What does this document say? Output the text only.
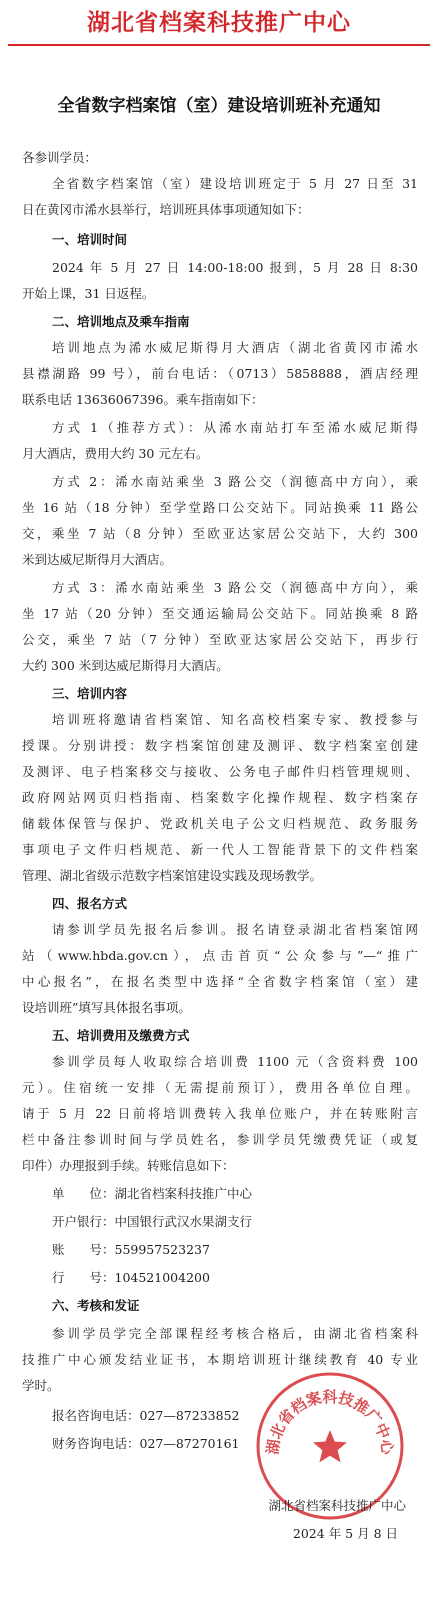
湖北省档案科技推广中心
全省数字档案馆（室）建设培训班补充通知
各参训学员：
全省数字档案馆（室）建设培训班定于 5 月 27 日至 31
日在黄冈市浠水县举行，培训班具体事项通知如下：
一、培训时间
2024 年 5 月 27 日 14:00-18:00 报到，5 月 28 日 8:30
开始上课，31 日返程。
二、培训地点及乘车指南
培训地点为浠水威尼斯得月大酒店（湖北省黄冈市浠水
县襟湖路 99 号），前台电话：（0713）5858888，酒店经理
联系电话 13636067396。乘车指南如下：
方式 1（推荐方式）：从浠水南站打车至浠水威尼斯得
月大酒店，费用大约 30 元左右。
方式 2：浠水南站乘坐 3 路公交（润德高中方向），乘
坐 16 站（18 分钟）至学堂路口公交站下。同站换乘 11 路公
交，乘坐 7 站（8 分钟）至欧亚达家居公交站下，大约 300
米到达威尼斯得月大酒店。
方式 3：浠水南站乘坐 3 路公交（润德高中方向），乘
坐 17 站（20 分钟）至交通运输局公交站下。同站换乘 8 路
公交，乘坐 7 站（7 分钟）至欧亚达家居公交站下，再步行
大约 300 米到达威尼斯得月大酒店。
三、培训内容
培训班将邀请省档案馆、知名高校档案专家、教授参与
授课。分别讲授：数字档案馆创建及测评、数字档案室创建
及测评、电子档案移交与接收、公务电子邮件归档管理规则、
政府网站网页归档指南、档案数字化操作规程、数字档案存
储载体保管与保护、党政机关电子公文归档规范、政务服务
事项电子文件归档规范、新一代人工智能背景下的文件档案
管理、湖北省级示范数字档案馆建设实践及现场教学。
四、报名方式
请参训学员先报名后参训。报名请登录湖北省档案馆网
站（www.hbda.gov.cn），点击首页“公众参与”—“推广
中心报名”，在报名类型中选择“全省数字档案馆（室）建
设培训班”填写具体报名事项。
五、培训费用及缴费方式
参训学员每人收取综合培训费 1100 元（含资料费 100
元）。住宿统一安排（无需提前预订），费用各单位自理。
请于 5 月 22 日前将培训费转入我单位账户，并在转账附言
栏中备注参训时间与学员姓名，参训学员凭缴费凭证（或复
印件）办理报到手续。转账信息如下：
单　　位：湖北省档案科技推广中心
开户银行：中国银行武汉水果湖支行
账　　号：559957523237
行　　号：104521004200
六、考核和发证
参训学员学完全部课程经考核合格后，由湖北省档案科
技推广中心颁发结业证书，本期培训班计继续教育 40 专业
学时。
报名咨询电话：027—87233852
财务咨询电话：027—87270161	湖北省档案科技推广中心
湖北省档案科技推广中心
2024 年 5 月 8 日
